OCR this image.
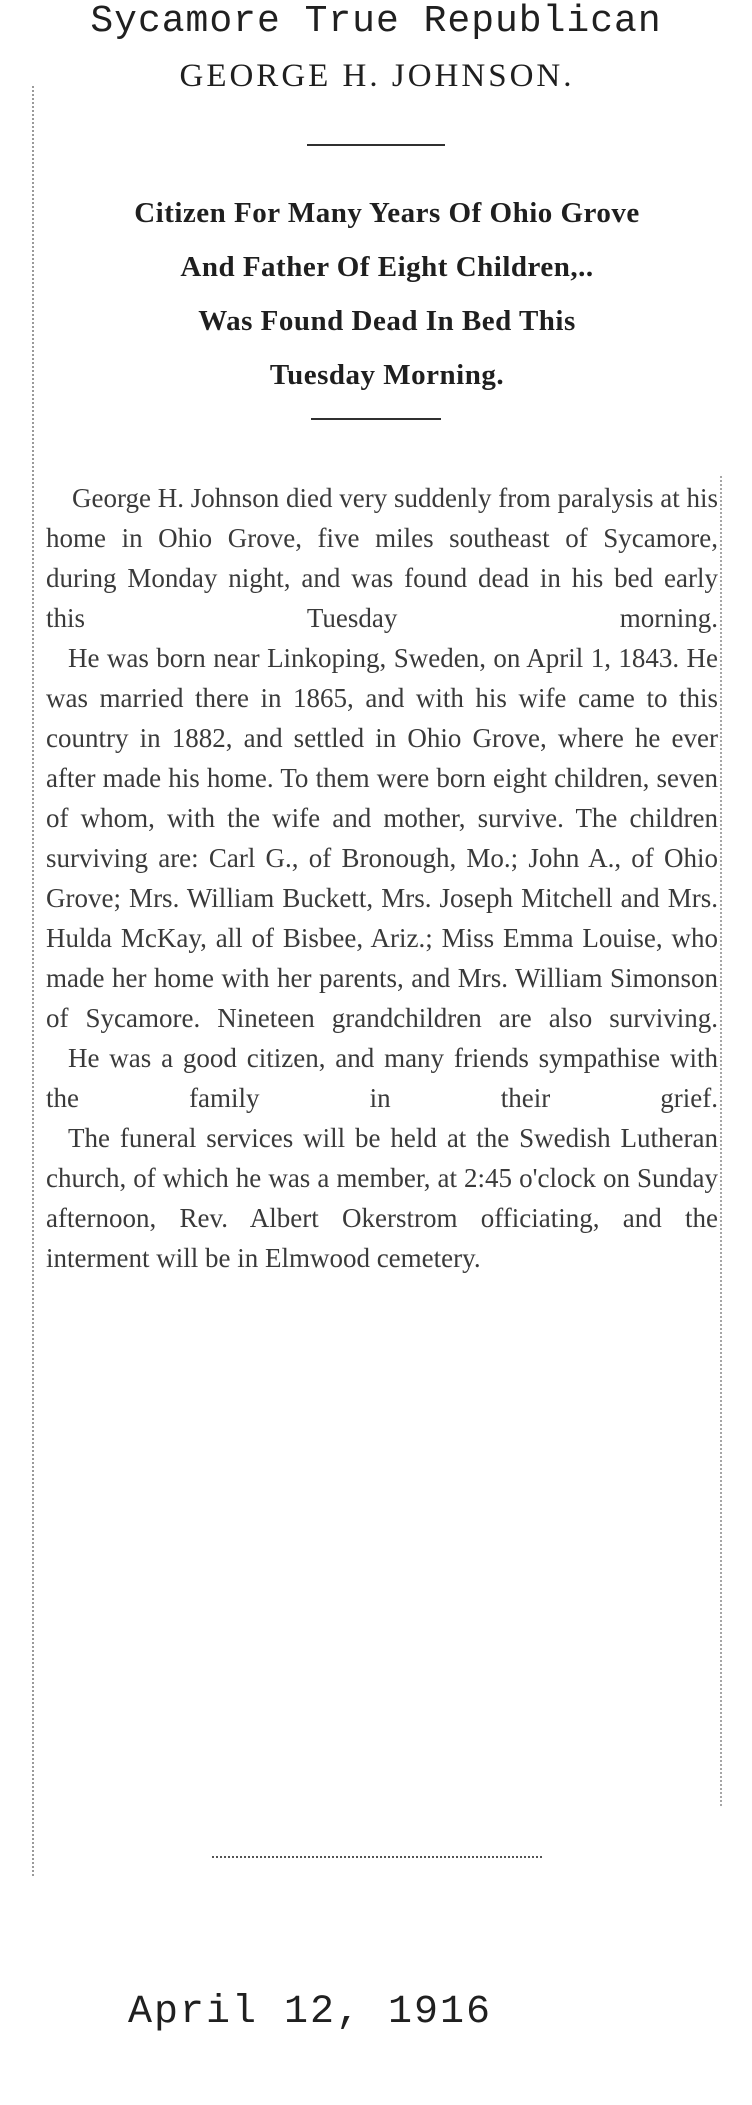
Sycamore True Republican
GEORGE H. JOHNSON.
Citizen For Many Years Of Ohio Grove
And Father Of Eight Children,..
Was Found Dead In Bed This
Tuesday Morning.

George H. Johnson died very suddenly from paralysis at his home in Ohio Grove, five miles southeast of Sycamore, during Monday night, and was found dead in his bed early this Tuesday morning.

He was born near Linkoping, Sweden, on April 1, 1843. He was married there in 1865, and with his wife came to this country in 1882, and settled in Ohio Grove, where he ever after made his home. To them were born eight children, seven of whom, with the wife and mother, survive. The children surviving are: Carl G., of Bronough, Mo.; John A., of Ohio Grove; Mrs. William Buckett, Mrs. Joseph Mitchell and Mrs. Hulda McKay, all of Bisbee, Ariz.; Miss Emma Louise, who made her home with her parents, and Mrs. William Simonson of Sycamore. Nineteen grandchildren are also surviving.

He was a good citizen, and many friends sympathise with the family in their grief.

The funeral services will be held at the Swedish Lutheran church, of which he was a member, at 2:45 o'clock on Sunday afternoon, Rev. Albert Okerstrom officiating, and the interment will be in Elmwood cemetery.

April 12, 1916
